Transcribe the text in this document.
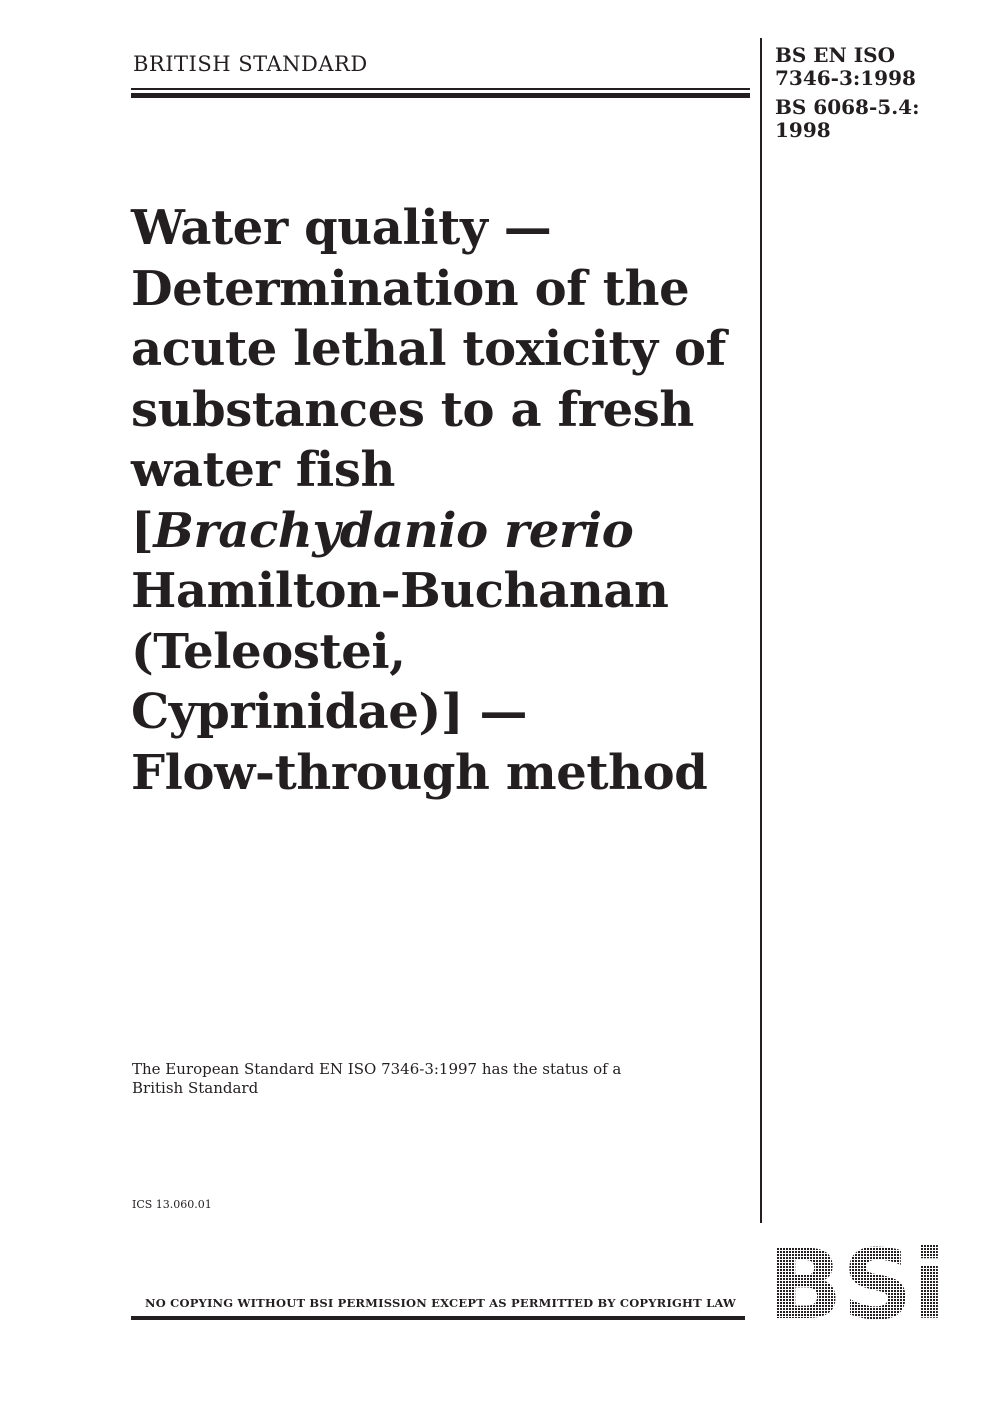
BRITISH STANDARD	BS EN ISO
7346-3:1998
BS 6068-5.4:
1998
Water quality —
Determination of the
acute lethal toxicity of
substances to a fresh
water fish
[Brachydanio rerio
Hamilton-Buchanan
(Teleostei,
Cyprinidae)] —
Flow-through method
The European Standard EN ISO 7346-3:1997 has the status of a
British Standard
ICS 13.060.01
NO COPYING WITHOUT BSI PERMISSION EXCEPT AS PERMITTED BY COPYRIGHT LAW
